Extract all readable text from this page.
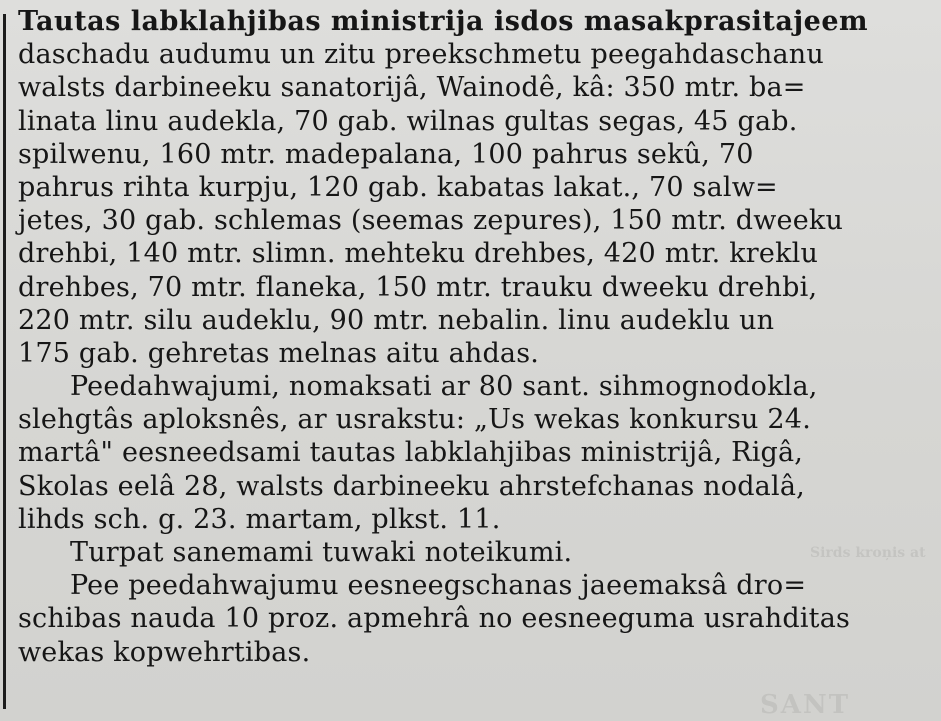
Sirds kroņis at
SANT
Tautas labklahjibas ministrija isdos masakprasitajeem
daschadu audumu un zitu preekschmetu peegahdaschanu
walsts darbineeku sanatorijâ, Wainodê, kâ: 350 mtr. ba=
linata linu audekla, 70 gab. wilnas gultas segas, 45 gab.
spilwenu, 160 mtr. madepalana, 100 pahrus sekû, 70
pahrus rihta kurpju, 120 gab. kabatas lakat., 70 salw=
jetes, 30 gab. schlemas (seemas zepures), 150 mtr. dweeku
drehbi, 140 mtr. slimn. mehteku drehbes, 420 mtr. kreklu
drehbes, 70 mtr. flaneka, 150 mtr. trauku dweeku drehbi,
220 mtr. silu audeklu, 90 mtr. nebalin. linu audeklu un
175 gab. gehretas melnas aitu ahdas.
Peedahwajumi, nomaksati ar 80 sant. sihmognodokla,
slehgtâs aploksnês, ar usrakstu: „Us wekas konkursu 24.
martâ" eesneedsami tautas labklahjibas ministrijâ, Rigâ,
Skolas eelâ 28, walsts darbineeku ahrstefchanas nodalâ,
lihds sch. g. 23. martam, plkst. 11.
Turpat sanemami tuwaki noteikumi.
Pee peedahwajumu eesneegschanas jaeemaksâ dro=
schibas nauda 10 proz. apmehrâ no eesneeguma usrahditas
wekas kopwehrtibas.
